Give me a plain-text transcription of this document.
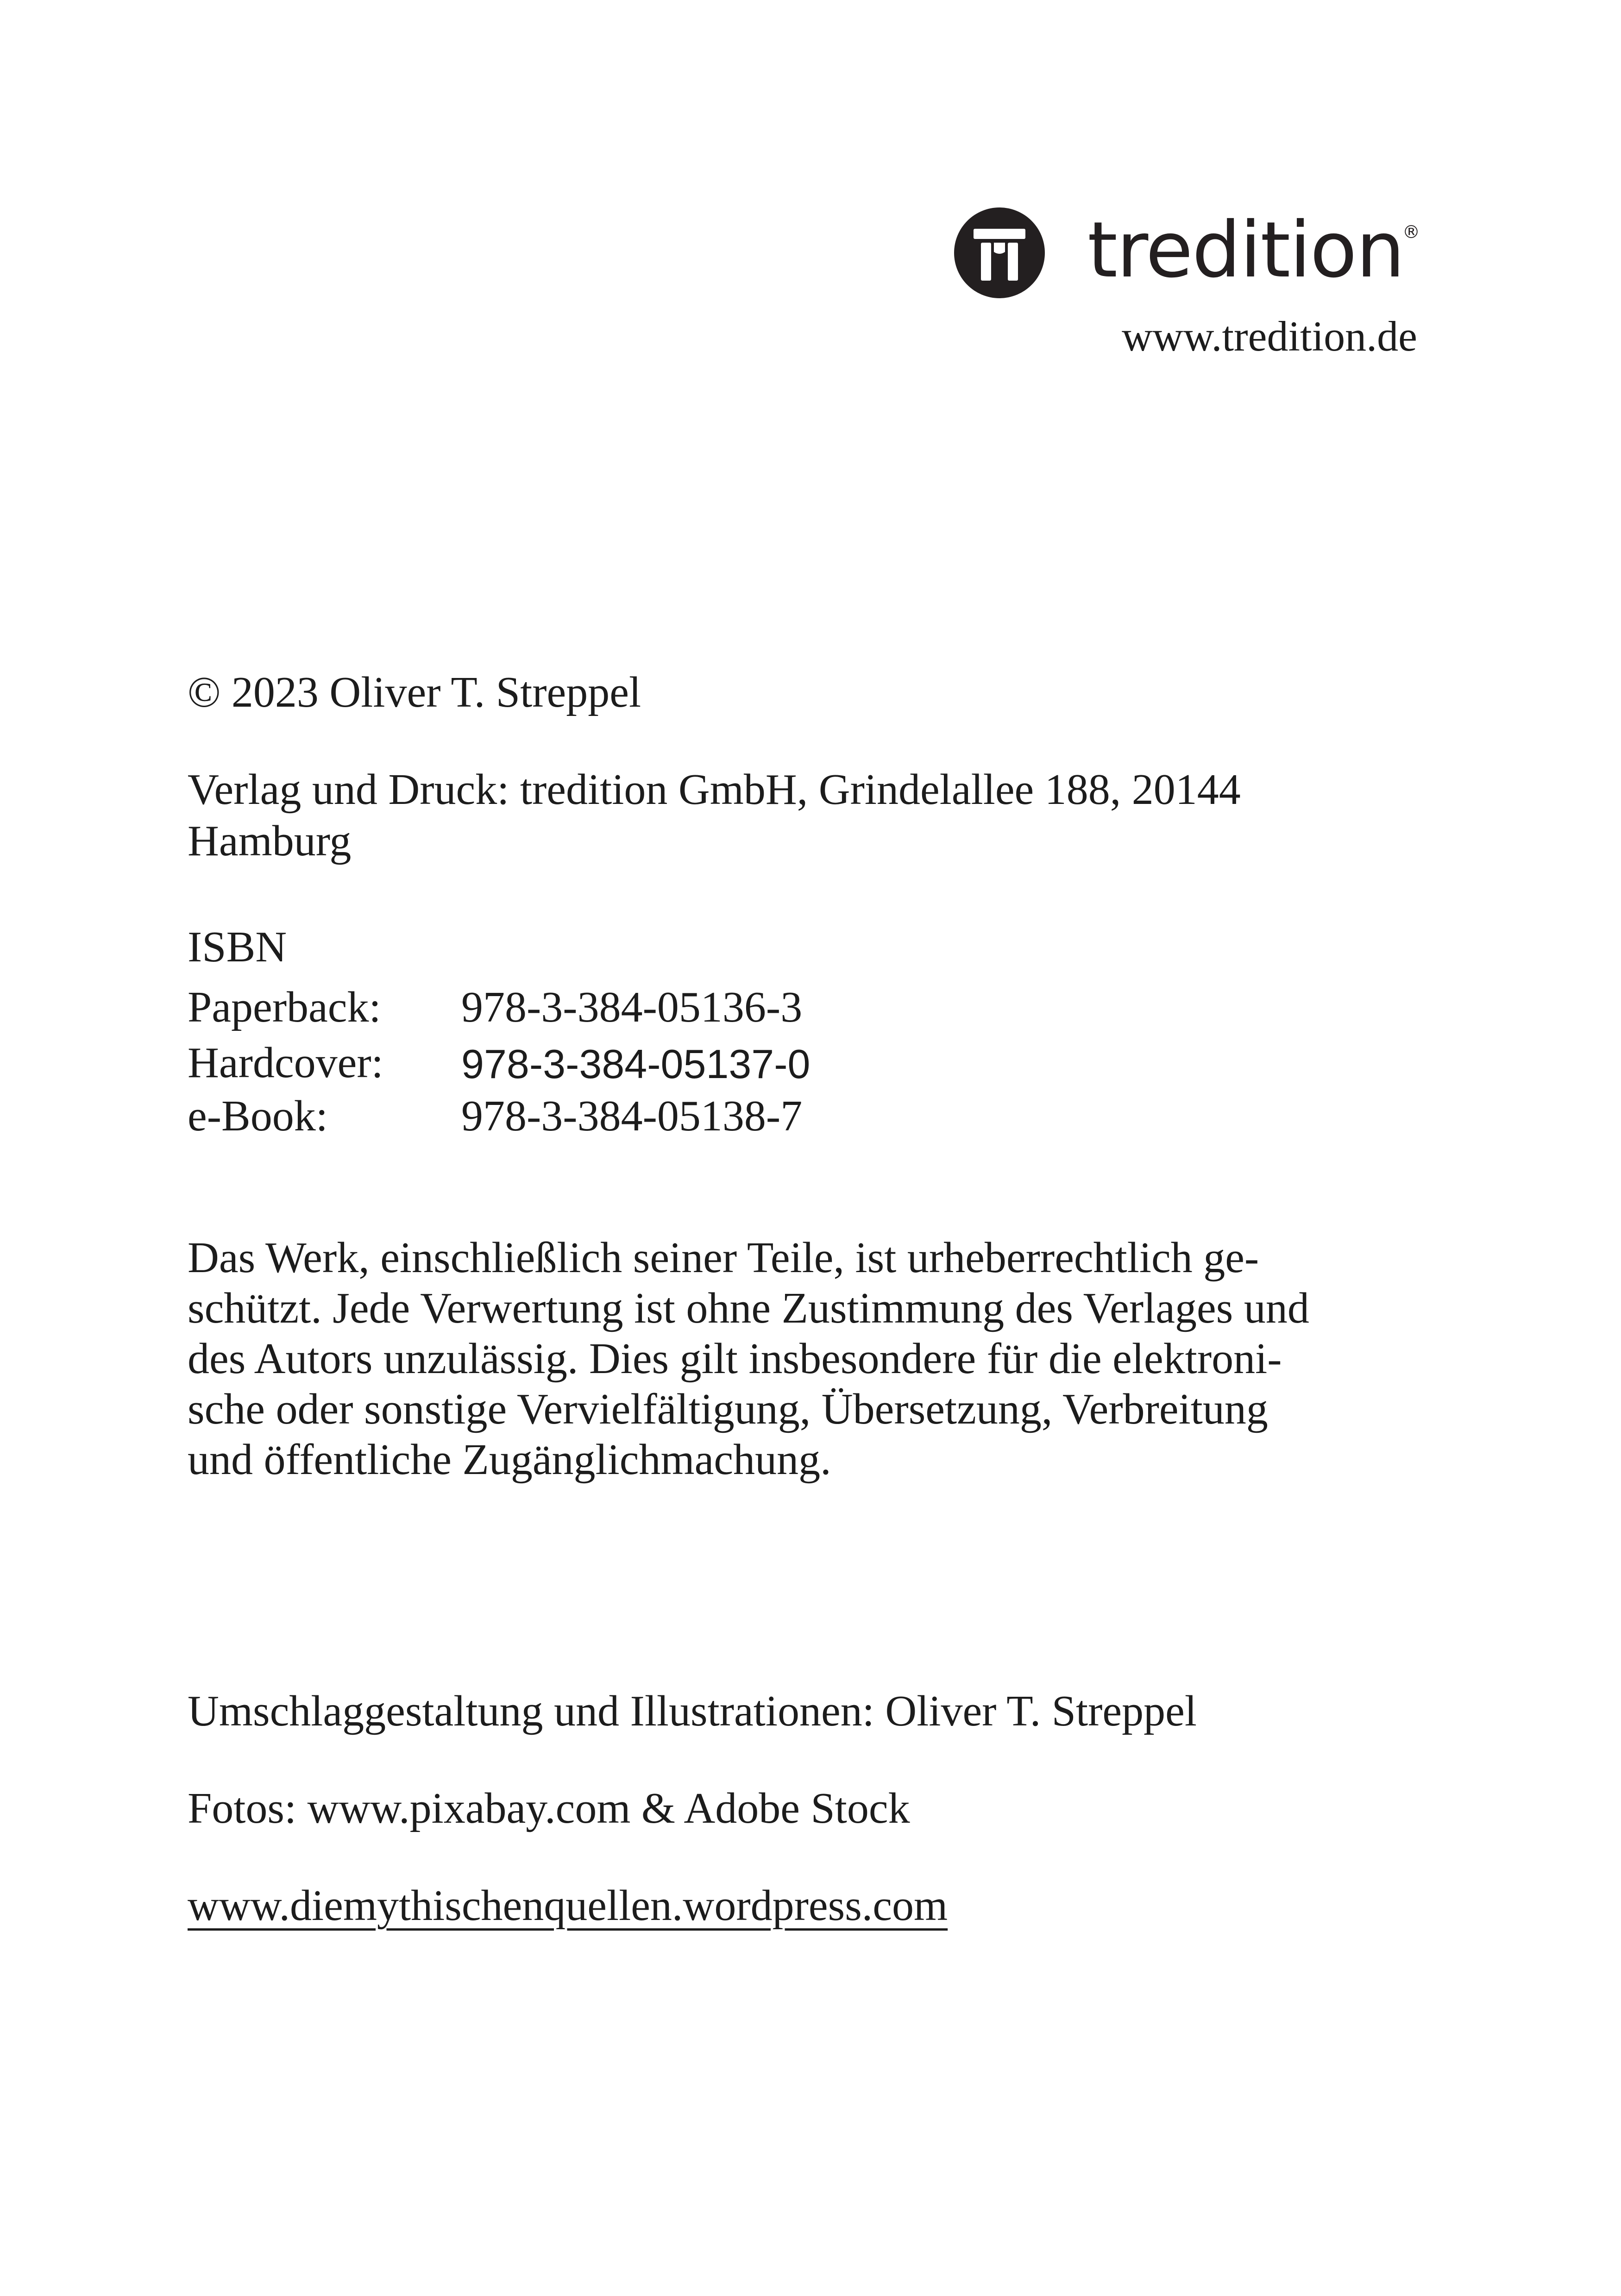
tredition
®
www.tredition.de
© 2023 Oliver T. Streppel
Verlag und Druck: tredition GmbH, Grindelallee 188, 20144
Hamburg
ISBN
Paperback: 978-3-384-05136-3
Hardcover: 978-3-384-05137-0
e-Book:	978-3-384-05138-7
Das Werk, einschließlich seiner Teile, ist urheberrechtlich ge-
schützt. Jede Verwertung ist ohne Zustimmung des Verlages und
des Autors unzulässig. Dies gilt insbesondere für die elektroni-
sche oder sonstige Vervielfältigung, Übersetzung, Verbreitung
und öffentliche Zugänglichmachung.
Umschlaggestaltung und Illustrationen: Oliver T. Streppel
Fotos: www.pixabay.com & Adobe Stock
www.diemythischenquellen.wordpress.com
